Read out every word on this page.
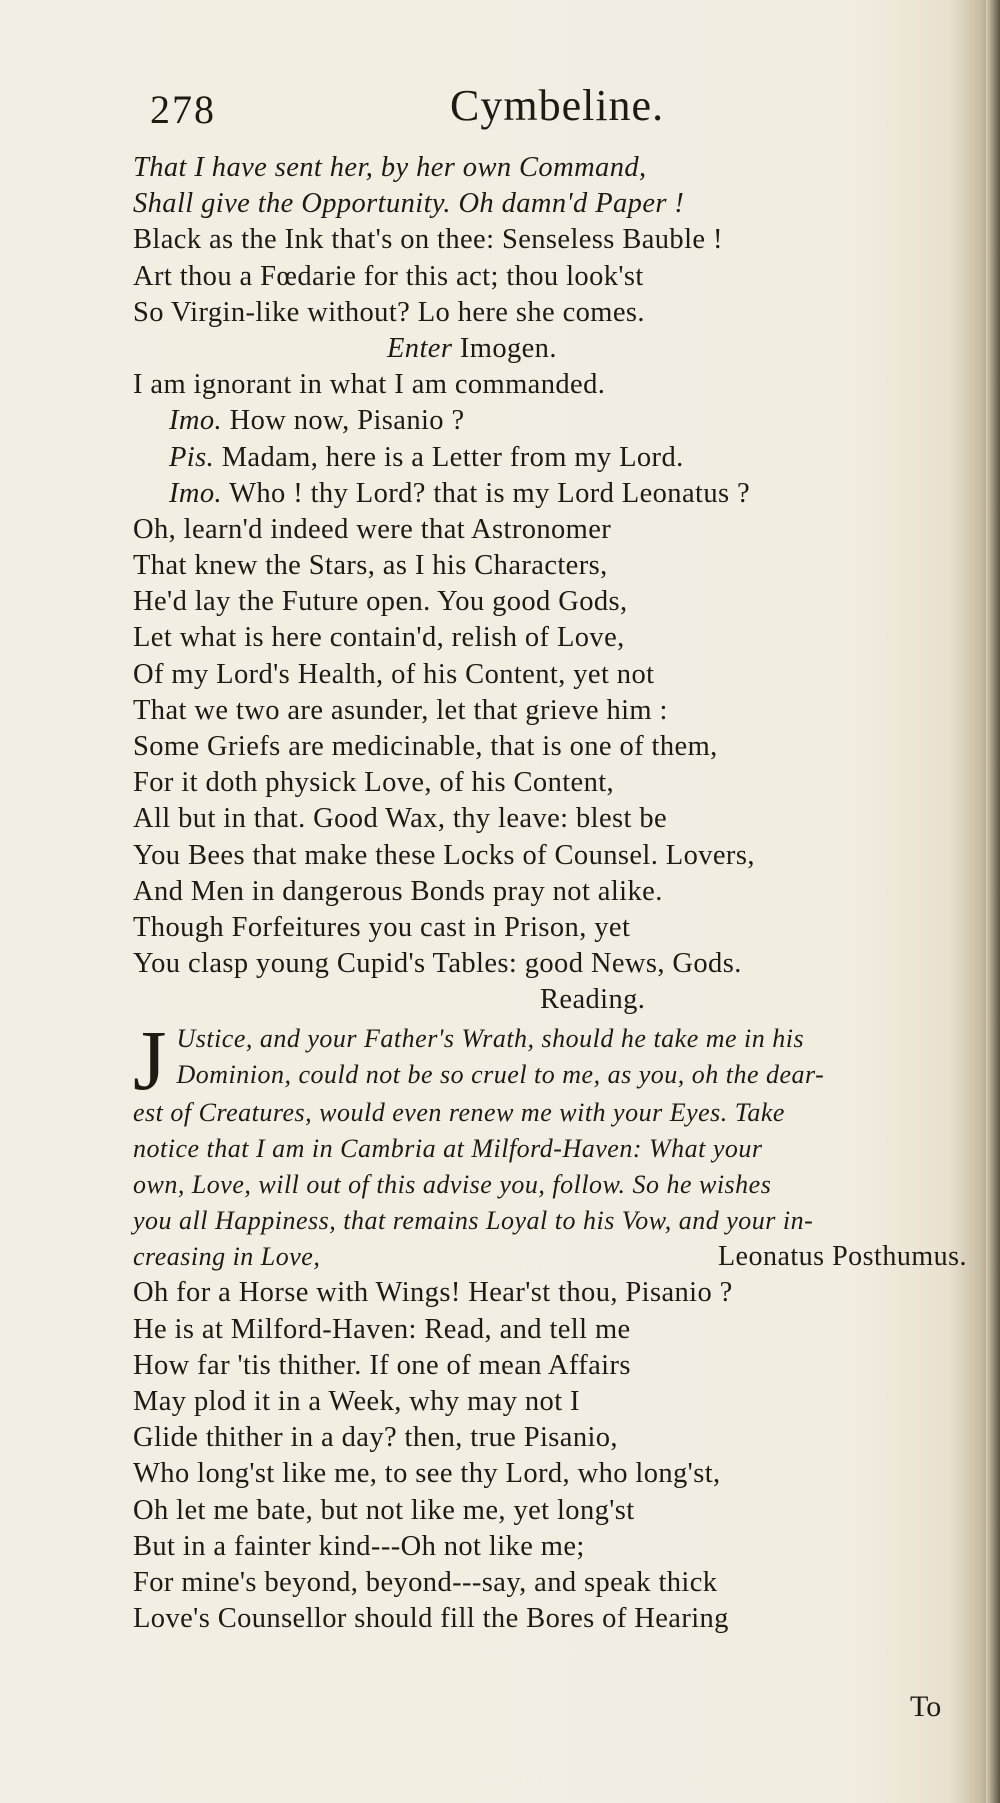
278	Cymbeline.
That I have sent her, by her own Command,
Shall give the Opportunity. Oh damn'd Paper !
Black as the Ink that's on thee: Senseless Bauble !
Art thou a Fœdarie for this act; thou look'st
So Virgin-like without? Lo here she comes.
Enter Imogen.
I am ignorant in what I am commanded.
Imo. How now, Pisanio ?
Pis. Madam, here is a Letter from my Lord.
Imo. Who ! thy Lord? that is my Lord Leonatus ?
Oh, learn'd indeed were that Astronomer
That knew the Stars, as I his Characters,
He'd lay the Future open. You good Gods,
Let what is here contain'd, relish of Love,
Of my Lord's Health, of his Content, yet not
That we two are asunder, let that grieve him :
Some Griefs are medicinable, that is one of them,
For it doth physick Love, of his Content,
All but in that. Good Wax, thy leave: blest be
You Bees that make these Locks of Counsel. Lovers,
And Men in dangerous Bonds pray not alike.
Though Forfeitures you cast in Prison, yet
You clasp young Cupid's Tables: good News, Gods.
Reading.
J Ustice, and your Father's Wrath, should he take me in his
Dominion, could not be so cruel to me, as you, oh the dear-
est of Creatures, would even renew me with your Eyes. Take
notice that I am in Cambria at Milford-Haven: What your
own, Love, will out of this advise you, follow. So he wishes
you all Happiness, that remains Loyal to his Vow, and your in-
creasing in Love,	Leonatus Posthumus.
Oh for a Horse with Wings! Hear'st thou, Pisanio ?
He is at Milford-Haven: Read, and tell me
How far 'tis thither. If one of mean Affairs
May plod it in a Week, why may not I
Glide thither in a day? then, true Pisanio,
Who long'st like me, to see thy Lord, who long'st,
Oh let me bate, but not like me, yet long'st
But in a fainter kind---Oh not like me;
For mine's beyond, beyond---say, and speak thick
Love's Counsellor should fill the Bores of Hearing
To
